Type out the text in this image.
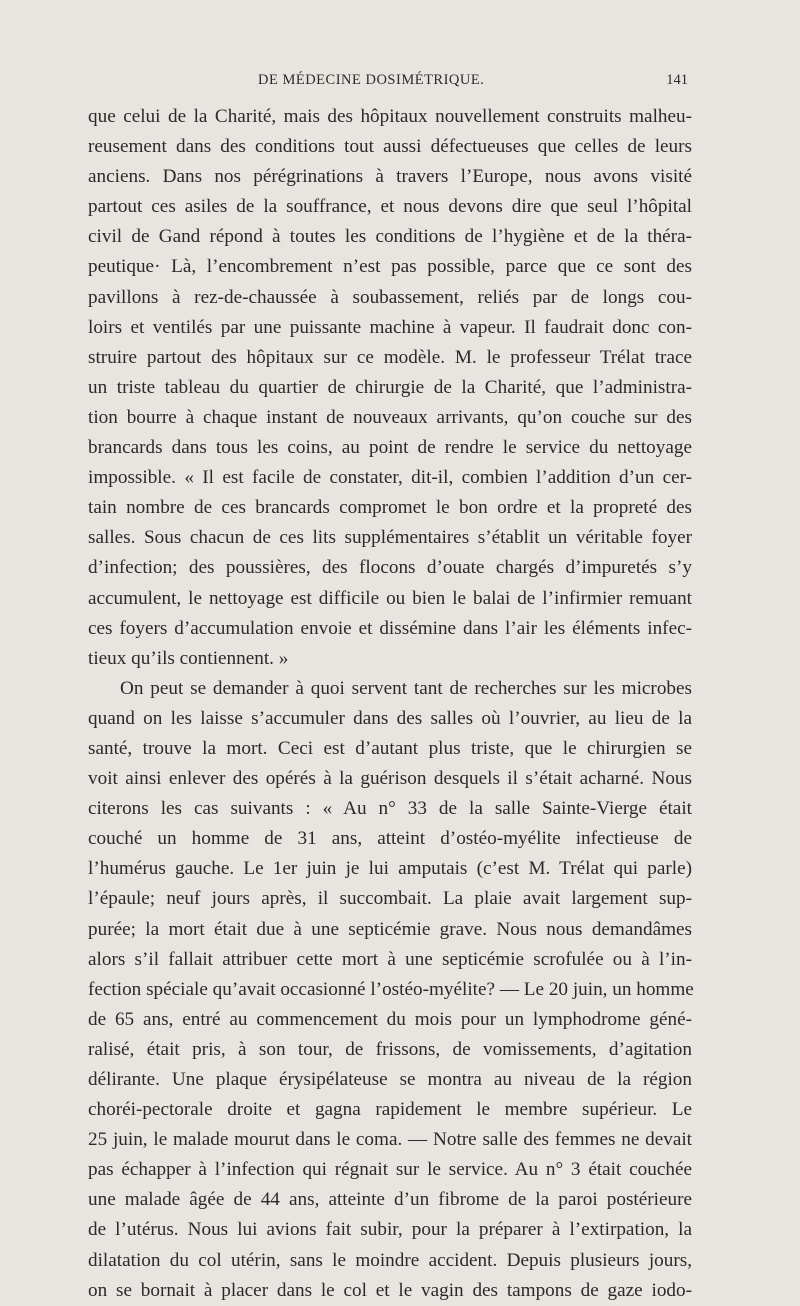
DE MÉDECINE DOSIMÉTRIQUE.	141
que celui de la Charité, mais des hôpitaux nouvellement construits malheu-
reusement dans des conditions tout aussi défectueuses que celles de leurs
anciens. Dans nos pérégrinations à travers l’Europe, nous avons visité
partout ces asiles de la souffrance, et nous devons dire que seul l’hôpital
civil de Gand répond à toutes les conditions de l’hygiène et de la théra-
peutique· Là, l’encombrement n’est pas possible, parce que ce sont des
pavillons à rez-de-chaussée à soubassement, reliés par de longs cou-
loirs et ventilés par une puissante machine à vapeur. Il faudrait donc con-
struire partout des hôpitaux sur ce modèle. M. le professeur Trélat trace
un triste tableau du quartier de chirurgie de la Charité, que l’administra-
tion bourre à chaque instant de nouveaux arrivants, qu’on couche sur des
brancards dans tous les coins, au point de rendre le service du nettoyage
impossible. « Il est facile de constater, dit-il, combien l’addition d’un cer-
tain nombre de ces brancards compromet le bon ordre et la propreté des
salles. Sous chacun de ces lits supplémentaires s’établit un véritable foyer
d’infection; des poussières, des flocons d’ouate chargés d’impuretés s’y
accumulent, le nettoyage est difficile ou bien le balai de l’infirmier remuant
ces foyers d’accumulation envoie et dissémine dans l’air les éléments infec-
tieux qu’ils contiennent. »
On peut se demander à quoi servent tant de recherches sur les microbes
quand on les laisse s’accumuler dans des salles où l’ouvrier, au lieu de la
santé, trouve la mort. Ceci est d’autant plus triste, que le chirurgien se
voit ainsi enlever des opérés à la guérison desquels il s’était acharné. Nous
citerons les cas suivants : « Au n° 33 de la salle Sainte-Vierge était
couché un homme de 31 ans, atteint d’ostéo-myélite infectieuse de
l’humérus gauche. Le 1er juin je lui amputais (c’est M. Trélat qui parle)
l’épaule; neuf jours après, il succombait. La plaie avait largement sup-
purée; la mort était due à une septicémie grave. Nous nous demandâmes
alors s’il fallait attribuer cette mort à une septicémie scrofulée ou à l’in-
fection spéciale qu’avait occasionné l’ostéo-myélite? — Le 20 juin, un homme
de 65 ans, entré au commencement du mois pour un lymphodrome géné-
ralisé, était pris, à son tour, de frissons, de vomissements, d’agitation
délirante. Une plaque érysipélateuse se montra au niveau de la région
choréi-pectorale droite et gagna rapidement le membre supérieur. Le
25 juin, le malade mourut dans le coma. — Notre salle des femmes ne devait
pas échapper à l’infection qui régnait sur le service. Au n° 3 était couchée
une malade âgée de 44 ans, atteinte d’un fibrome de la paroi postérieure
de l’utérus. Nous lui avions fait subir, pour la préparer à l’extirpation, la
dilatation du col utérin, sans le moindre accident. Depuis plusieurs jours,
on se bornait à placer dans le col et le vagin des tampons de gaze iodo-
